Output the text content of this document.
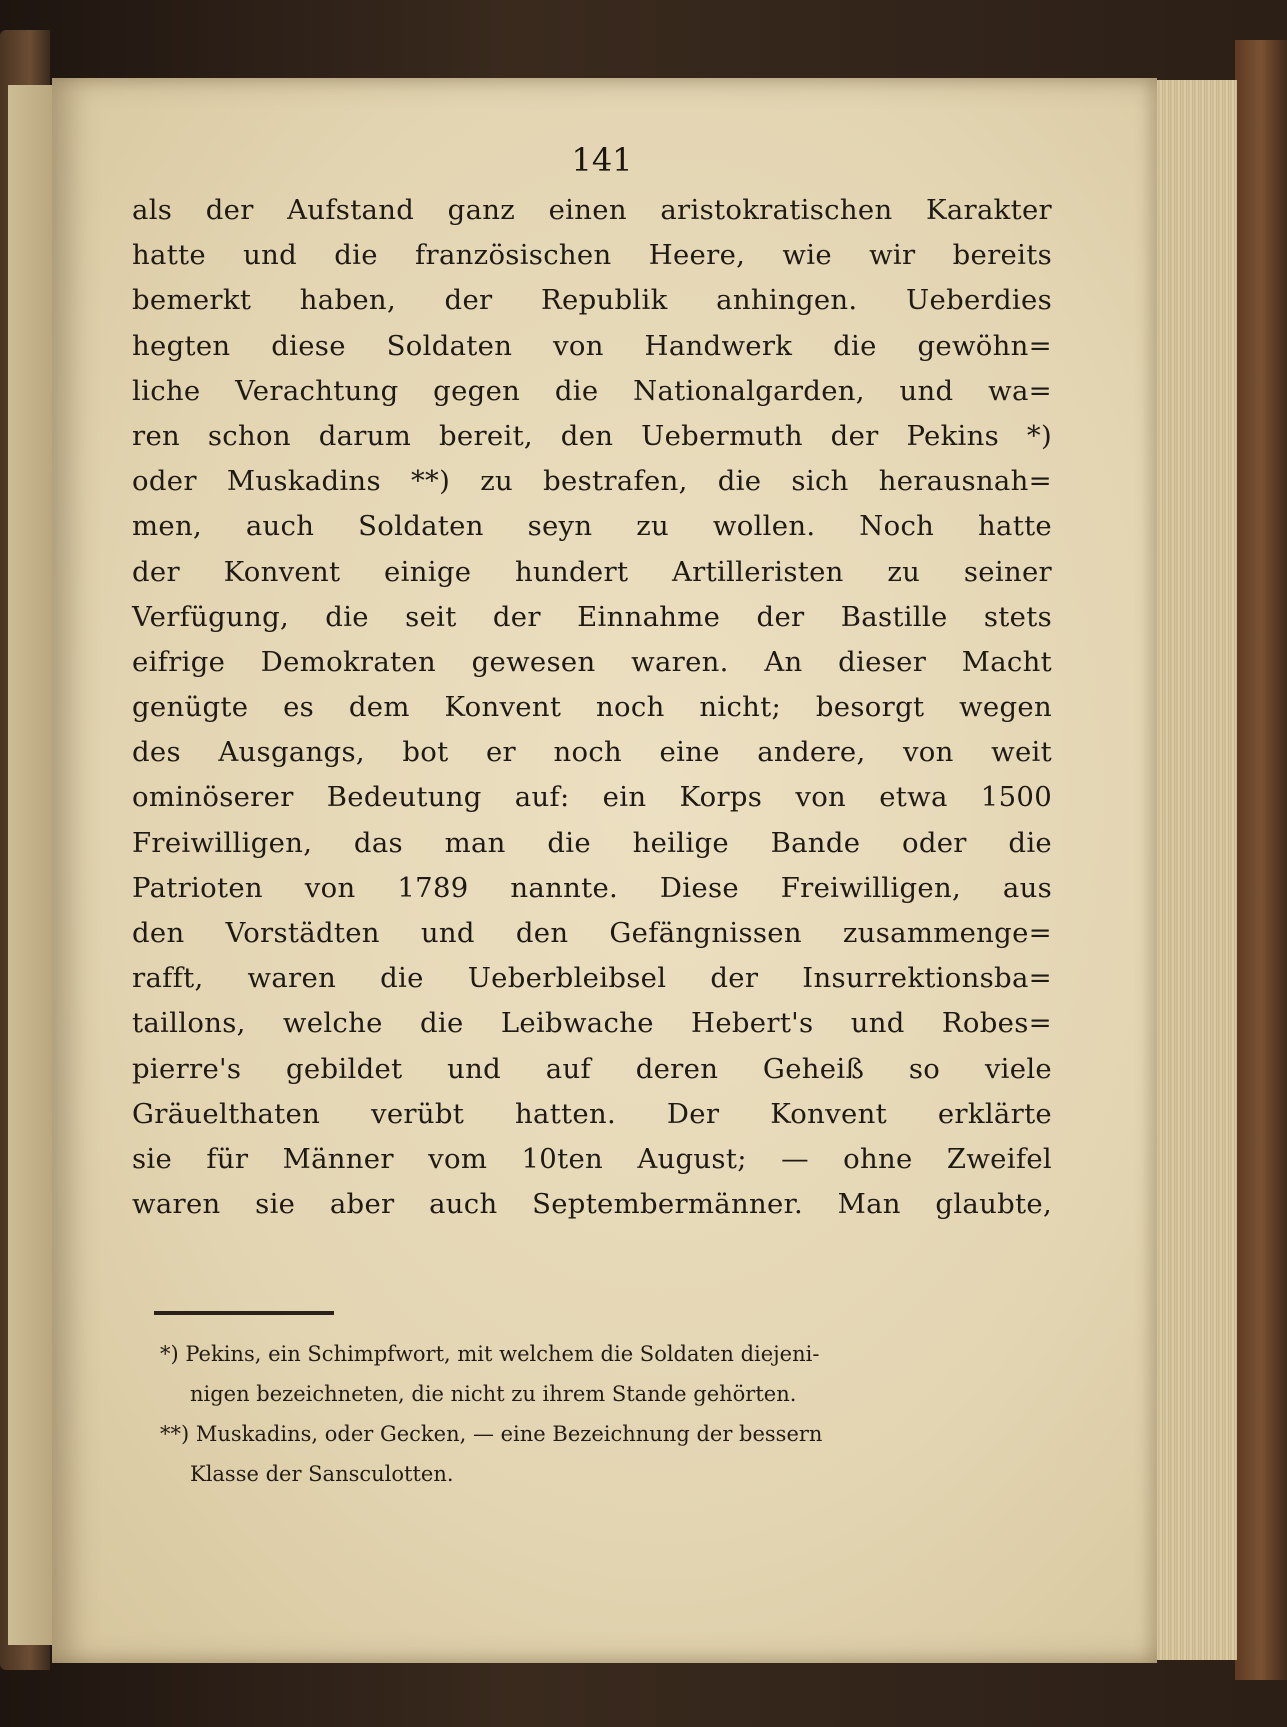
141
als der Aufstand ganz einen aristokratischen Karakter
hatte und die französischen Heere, wie wir bereits
bemerkt haben, der Republik anhingen. Ueberdies
hegten diese Soldaten von Handwerk die gewöhn=
liche Verachtung gegen die Nationalgarden, und wa=
ren schon darum bereit, den Uebermuth der Pekins *)
oder Muskadins **) zu bestrafen, die sich herausnah=
men, auch Soldaten seyn zu wollen. Noch hatte
der Konvent einige hundert Artilleristen zu seiner
Verfügung, die seit der Einnahme der Bastille stets
eifrige Demokraten gewesen waren. An dieser Macht
genügte es dem Konvent noch nicht; besorgt wegen
des Ausgangs, bot er noch eine andere, von weit
ominöserer Bedeutung auf: ein Korps von etwa 1500
Freiwilligen, das man die heilige Bande oder die
Patrioten von 1789 nannte. Diese Freiwilligen, aus
den Vorstädten und den Gefängnissen zusammenge=
rafft, waren die Ueberbleibsel der Insurrektionsba=
taillons, welche die Leibwache Hebert's und Robes=
pierre's gebildet und auf deren Geheiß so viele
Gräuelthaten verübt hatten. Der Konvent erklärte
sie für Männer vom 10ten August; — ohne Zweifel
waren sie aber auch Septembermänner. Man glaubte,
*) Pekins, ein Schimpfwort, mit welchem die Soldaten diejeni-
nigen bezeichneten, die nicht zu ihrem Stande gehörten.
**) Muskadins, oder Gecken, — eine Bezeichnung der bessern
Klasse der Sansculotten.
